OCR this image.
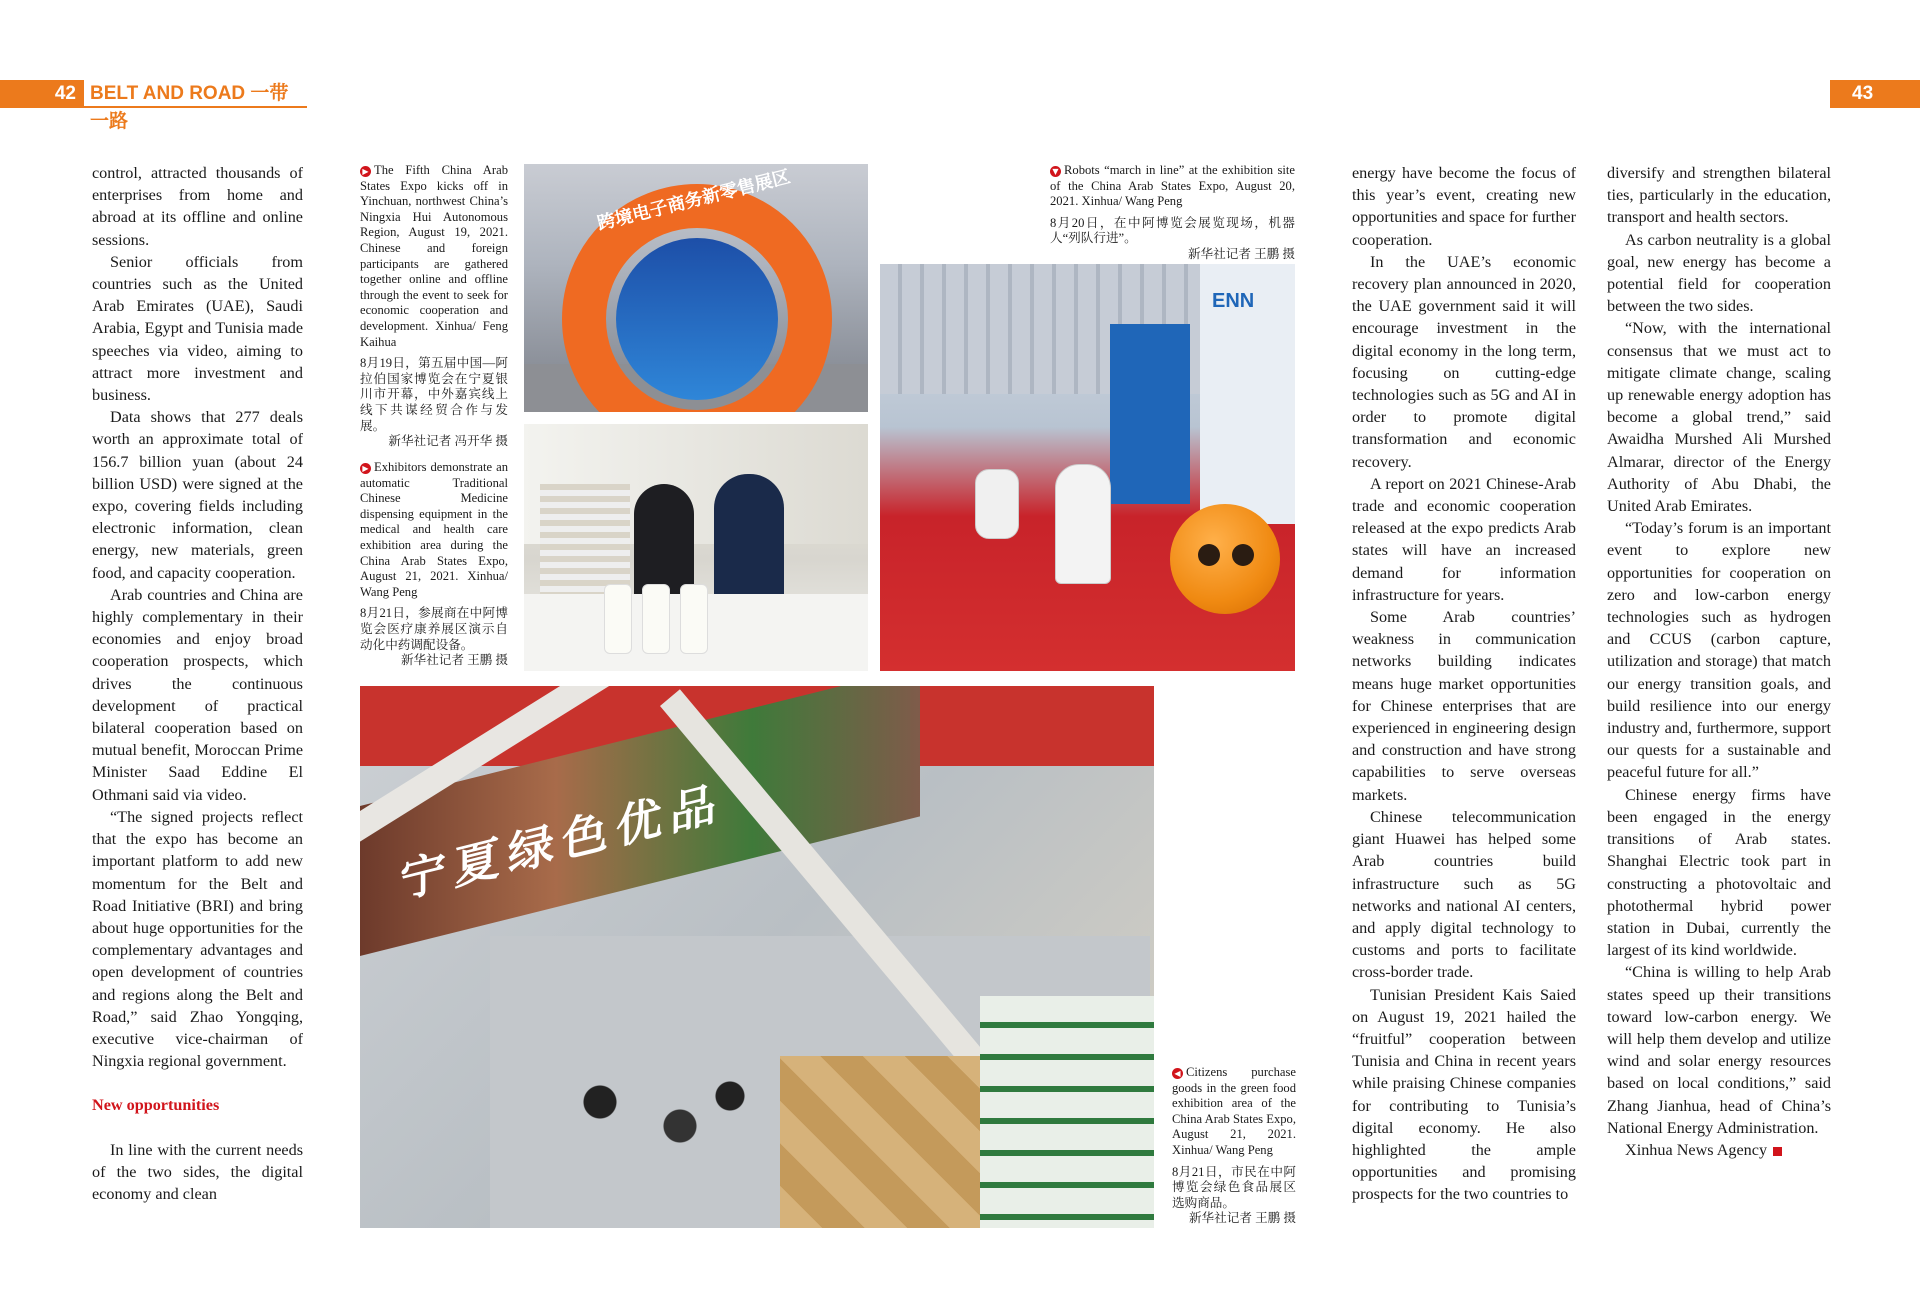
42 BELT AND ROAD 一带一路
43

control, attracted thousands of enterprises from home and abroad at its offline and online sessions.

Senior officials from countries such as the United Arab Emirates (UAE), Saudi Arabia, Egypt and Tunisia made speeches via video, aiming to attract more investment and business.

Data shows that 277 deals worth an approximate total of 156.7 billion yuan (about 24 billion USD) were signed at the expo, covering fields including electronic information, clean energy, new materials, green food, and capacity cooperation.

Arab countries and China are highly complementary in their economies and enjoy broad cooperation prospects, which drives the continuous development of practical bilateral cooperation based on mutual benefit, Moroccan Prime Minister Saad Eddine El Othmani said via video.

“The signed projects reflect that the expo has become an important platform to add new momentum for the Belt and Road Initiative (BRI) and bring about huge opportunities for the complementary advantages and open development of countries and regions along the Belt and Road,” said Zhao Yongqing, executive vice-chairman of Ningxia regional government.

New opportunities

In line with the current needs of the two sides, the digital economy and clean

▶ The Fifth China Arab States Expo kicks off in Yinchuan, northwest China’s Ningxia Hui Autonomous Region, August 19, 2021. Chinese and foreign participants are gathered together online and offline through the event to seek for economic cooperation and development. Xinhua/ Feng Kaihua
8月19日，第五届中国—阿拉伯国家博览会在宁夏银川市开幕，中外嘉宾线上线下共谋经贸合作与发展。
新华社记者 冯开华 摄
▶ Exhibitors demonstrate an automatic Traditional Chinese Medicine dispensing equipment in the medical and health care exhibition area during the China Arab States Expo, August 21, 2021. Xinhua/ Wang Peng
8月21日，参展商在中阿博览会医疗康养展区演示自动化中药调配设备。
新华社记者 王鹏 摄
跨境电子商务新零售展区	▼ Robots “march in line” at the exhibition site of the China Arab States Expo, August 20, 2021. Xinhua/ Wang Peng
8月20日，在中阿博览会展览现场，机器人“列队行进”。
新华社记者 王鹏 摄
ENN
宁夏绿色优品
◀ Citizens purchase goods in the green food exhibition area of the China Arab States Expo, August 21, 2021. Xinhua/ Wang Peng
8月21日，市民在中阿博览会绿色食品展区选购商品。
新华社记者 王鹏 摄

energy have become the focus of this year’s event, creating new opportunities and space for further cooperation.

In the UAE’s economic recovery plan announced in 2020, the UAE government said it will encourage investment in the digital economy in the long term, focusing on cutting-edge technologies such as 5G and AI in order to promote digital transformation and economic recovery.

A report on 2021 Chinese-Arab trade and economic cooperation released at the expo predicts Arab states will have an increased demand for information infrastructure for years.

Some Arab countries’ weakness in communication networks building indicates means huge market opportunities for Chinese enterprises that are experienced in engineering design and construction and have strong capabilities to serve overseas markets.

Chinese telecommunication giant Huawei has helped some Arab countries build infrastructure such as 5G networks and national AI centers, and apply digital technology to customs and ports to facilitate cross-border trade.

Tunisian President Kais Saied on August 19, 2021 hailed the “fruitful” cooperation between Tunisia and China in recent years while praising Chinese companies for contributing to Tunisia’s digital economy. He also highlighted the ample opportunities and promising prospects for the two countries to

diversify and strengthen bilateral ties, particularly in the education, transport and health sectors.

As carbon neutrality is a global goal, new energy has become a potential field for cooperation between the two sides.

“Now, with the international consensus that we must act to mitigate climate change, scaling up renewable energy adoption has become a global trend,” said Awaidha Murshed Ali Murshed Almarar, director of the Energy Authority of Abu Dhabi, the United Arab Emirates.

“Today’s forum is an important event to explore new opportunities for cooperation on zero and low-carbon energy technologies such as hydrogen and CCUS (carbon capture, utilization and storage) that match our energy transition goals, and build resilience into our energy industry and, furthermore, support our quests for a sustainable and peaceful future for all.”

Chinese energy firms have been engaged in the energy transitions of Arab states. Shanghai Electric took part in constructing a photovoltaic and photothermal hybrid power station in Dubai, currently the largest of its kind worldwide.

“China is willing to help Arab states speed up their transitions toward low-carbon energy. We will help them develop and utilize wind and solar energy resources based on local conditions,” said Zhang Jianhua, head of China’s National Energy Administration.

Xinhua News Agency
